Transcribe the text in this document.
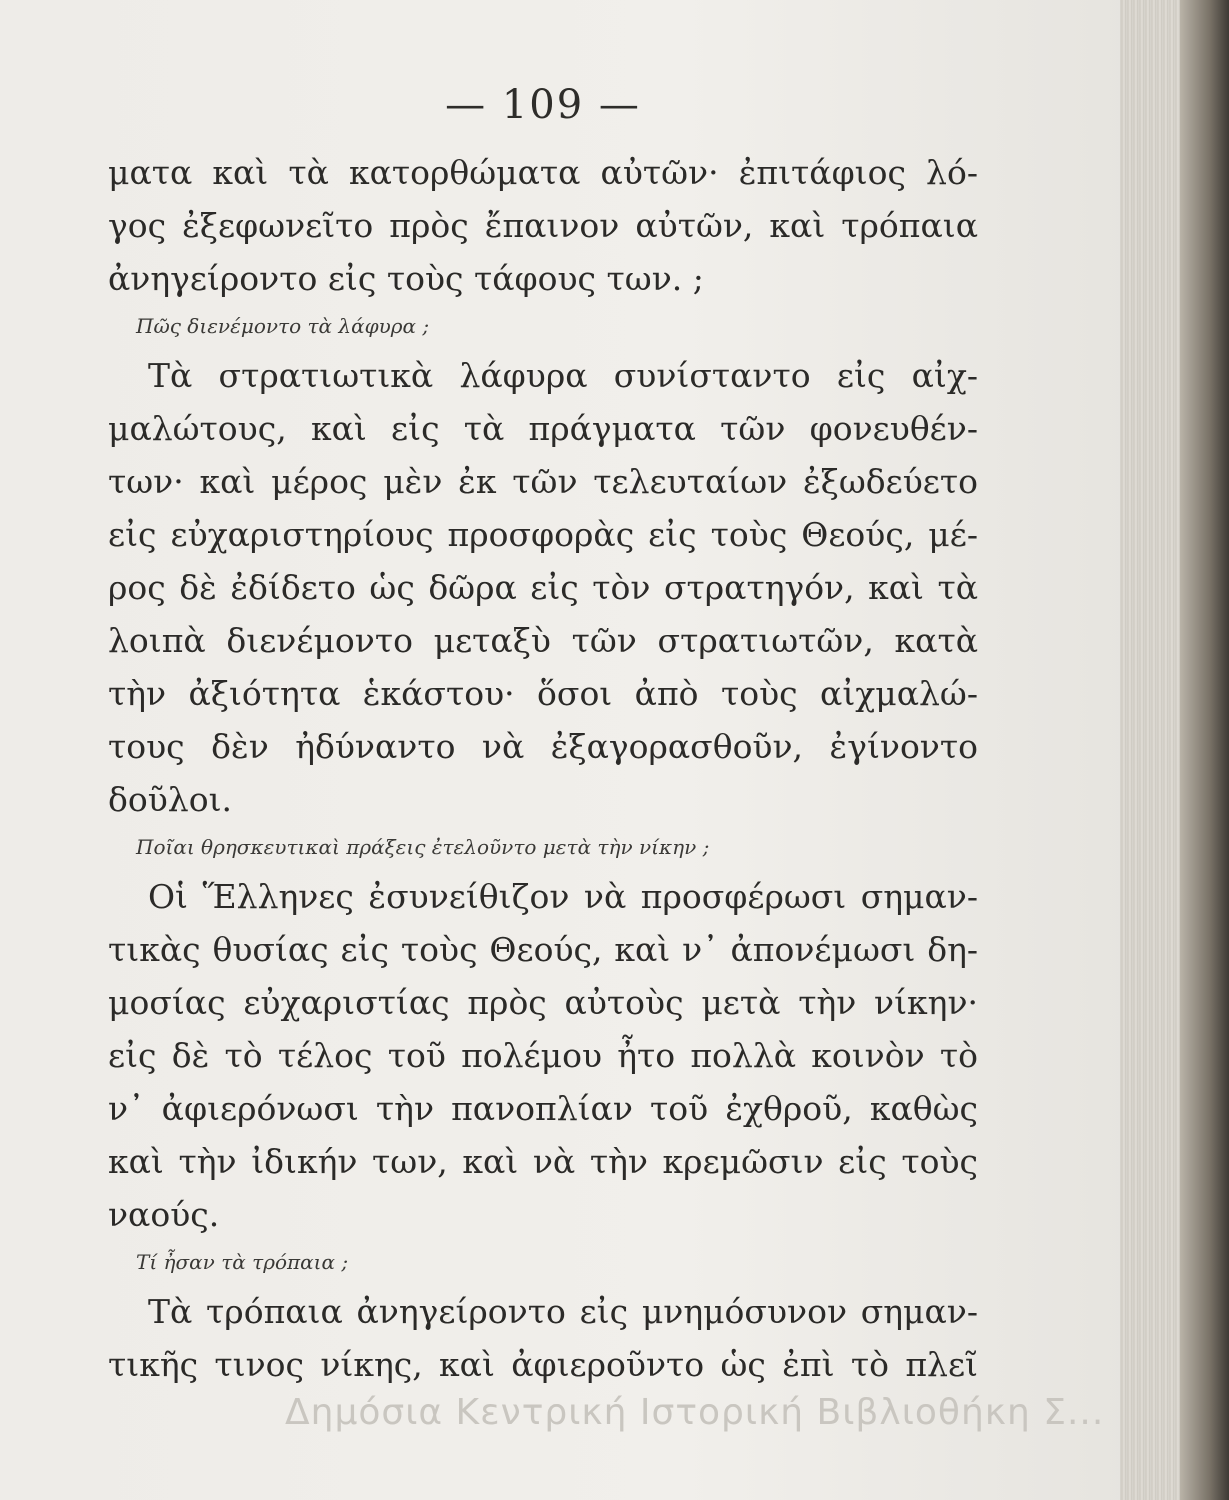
— 109 —

ματα καὶ τὰ κατορθώματα αὐτῶν· ἐπιτάφιος λό-

γος ἐξεφωνεῖτο πρὸς ἔπαινον αὐτῶν, καὶ τρόπαια

ἀνηγείροντο εἰς τοὺς τάφους των. ;

Πῶς διενέμοντο τὰ λάφυρα ;

Τὰ στρατιωτικὰ λάφυρα συνίσταντο εἰς αἰχ-

μαλώτους, καὶ εἰς τὰ πράγματα τῶν φονευθέν-

των· καὶ μέρος μὲν ἐκ τῶν τελευταίων ἐξωδεύετο

εἰς εὐχαριστηρίους προσφορὰς εἰς τοὺς Θεούς, μέ-

ρος δὲ ἐδίδετο ὡς δῶρα εἰς τὸν στρατηγόν, καὶ τὰ

λοιπὰ διενέμοντο μεταξὺ τῶν στρατιωτῶν, κατὰ

τὴν ἀξιότητα ἑκάστου· ὅσοι ἀπὸ τοὺς αἰχμαλώ-

τους δὲν ἠδύναντο νὰ ἐξαγορασθοῦν, ἐγίνοντο

δοῦλοι.

Ποῖαι θρησκευτικαὶ πράξεις ἐτελοῦντο μετὰ τὴν νίκην ;

Οἱ Ἕλληνες ἐσυνείθιζον νὰ προσφέρωσι σημαν-

τικὰς θυσίας εἰς τοὺς Θεούς, καὶ ν᾽ ἀπονέμωσι δη-

μοσίας εὐχαριστίας πρὸς αὐτοὺς μετὰ τὴν νίκην·

εἰς δὲ τὸ τέλος τοῦ πολέμου ἦτο πολλὰ κοινὸν τὸ

ν᾽ ἀφιερόνωσι τὴν πανοπλίαν τοῦ ἐχθροῦ, καθὼς

καὶ τὴν ἰδικήν των, καὶ νὰ τὴν κρεμῶσιν εἰς τοὺς

ναούς.

Τί ἦσαν τὰ τρόπαια ;

Τὰ τρόπαια ἀνηγείροντο εἰς μνημόσυνον σημαν-

τικῆς τινος νίκης, καὶ ἀφιεροῦντο ὡς ἐπὶ τὸ πλεῖ

Δημόσια Κεντρική Ιστορική Βιβλιοθήκη Σ...
